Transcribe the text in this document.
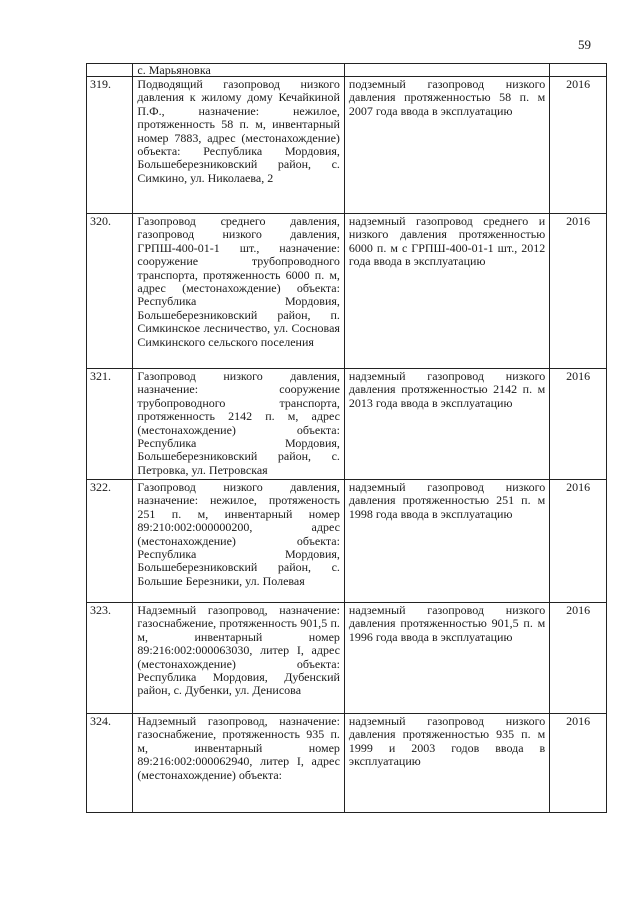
59
	с. Марьяновка		
319.	Подводящий газопровод низкого давления к жилому дому Кечайкиной П.Ф., назначение: нежилое, протяженность 58 п. м, инвентарный номер 7883, адрес (местонахождение) объекта: Республика Мордовия, Большеберезниковский район, с. Симкино, ул. Николаева, 2	подземный газопровод низкого давления протяженностью 58 п. м 2007 года ввода в эксплуатацию	2016
320.	Газопровод среднего давления, газопровод низкого давления, ГРПШ-400-01-1 шт., назначение: сооружение трубопроводного транспорта, протяженность 6000 п. м, адрес (местонахождение) объекта: Республика Мордовия, Большеберезниковский район, п. Симкинское лесничество, ул. Сосновая Симкинского сельского поселения	надземный газопровод среднего и низкого давления протяженностью 6000 п. м с ГРПШ-400-01-1 шт., 2012 года ввода в эксплуатацию	2016
321.	Газопровод низкого давления, назначение: сооружение трубопроводного транспорта, протяженность 2142 п. м, адрес (местонахождение) объекта: Республика Мордовия, Большеберезниковский район, с. Петровка, ул. Петровская	надземный газопровод низкого давления протяженностью 2142 п. м 2013 года ввода в эксплуатацию	2016
322.	Газопровод низкого давления, назначение: нежилое, протяженость 251 п. м, инвентарный номер 89:210:002:000000200, адрес (местонахождение) объекта: Республика Мордовия, Большеберезниковский район, с. Большие Березники, ул. Полевая	надземный газопровод низкого давления протяженностью 251 п. м 1998 года ввода в эксплуатацию	2016
323.	Надземный газопровод, назначение: газоснабжение, протяженность 901,5 п. м, инвентарный номер 89:216:002:000063030, литер I, адрес (местонахождение) объекта: Республика Мордовия, Дубенский район, с. Дубенки, ул. Денисова	надземный газопровод низкого давления протяженностью 901,5 п. м 1996 года ввода в эксплуатацию	2016
324.	Надземный газопровод, назначение: газоснабжение, протяженность 935 п. м, инвентарный номер 89:216:002:000062940, литер I, адрес (местонахождение) объекта:	надземный газопровод низкого давления протяженностью 935 п. м 1999 и 2003 годов ввода в эксплуатацию	2016
